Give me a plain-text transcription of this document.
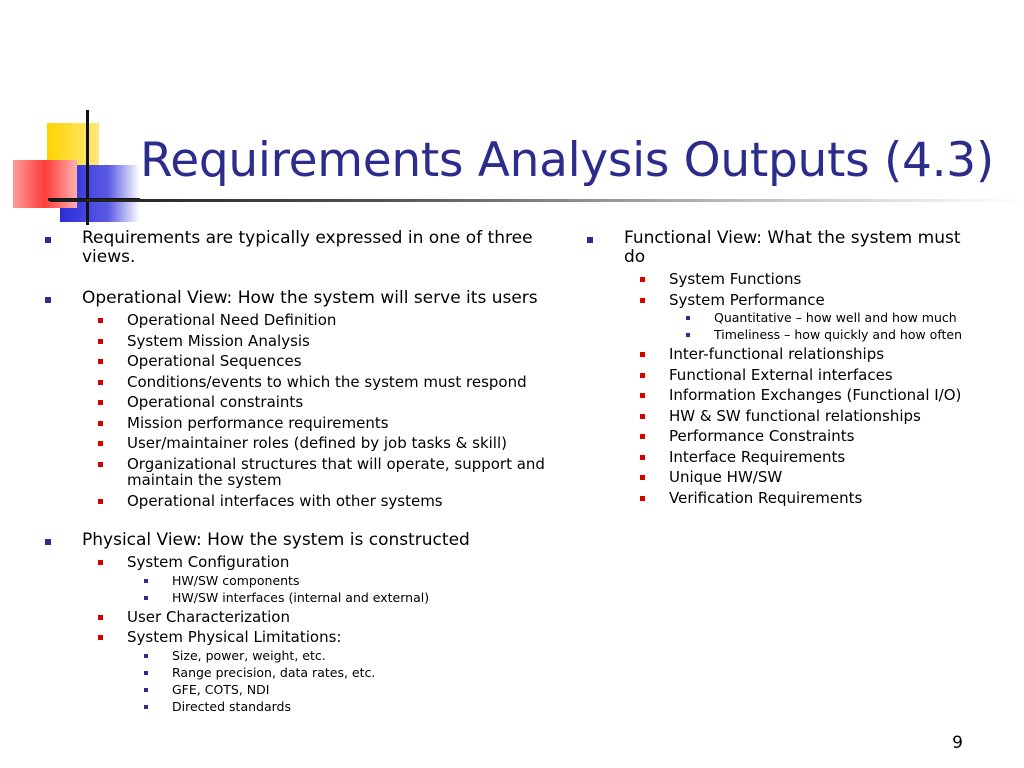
Requirements Analysis Outputs (4.3)
Requirements are typically expressed in one of three views.
Operational View: How the system will serve its users
Operational Need Definition
System Mission Analysis
Operational Sequences
Conditions/events to which the system must respond
Operational constraints
Mission performance requirements
User/maintainer roles (defined by job tasks & skill)
Organizational structures that will operate, support and maintain the system
Operational interfaces with other systems
Physical View: How the system is constructed
System Configuration
HW/SW components
HW/SW interfaces (internal and external)
User Characterization
System Physical Limitations:
Size, power, weight, etc.
Range precision, data rates, etc.
GFE, COTS, NDI
Directed standards
Functional View: What the system must do
System Functions
System Performance
Quantitative – how well and how much
Timeliness – how quickly and how often
Inter-functional relationships
Functional External interfaces
Information Exchanges (Functional I/O)
HW & SW functional relationships
Performance Constraints
Interface Requirements
Unique HW/SW
Verification Requirements
9
